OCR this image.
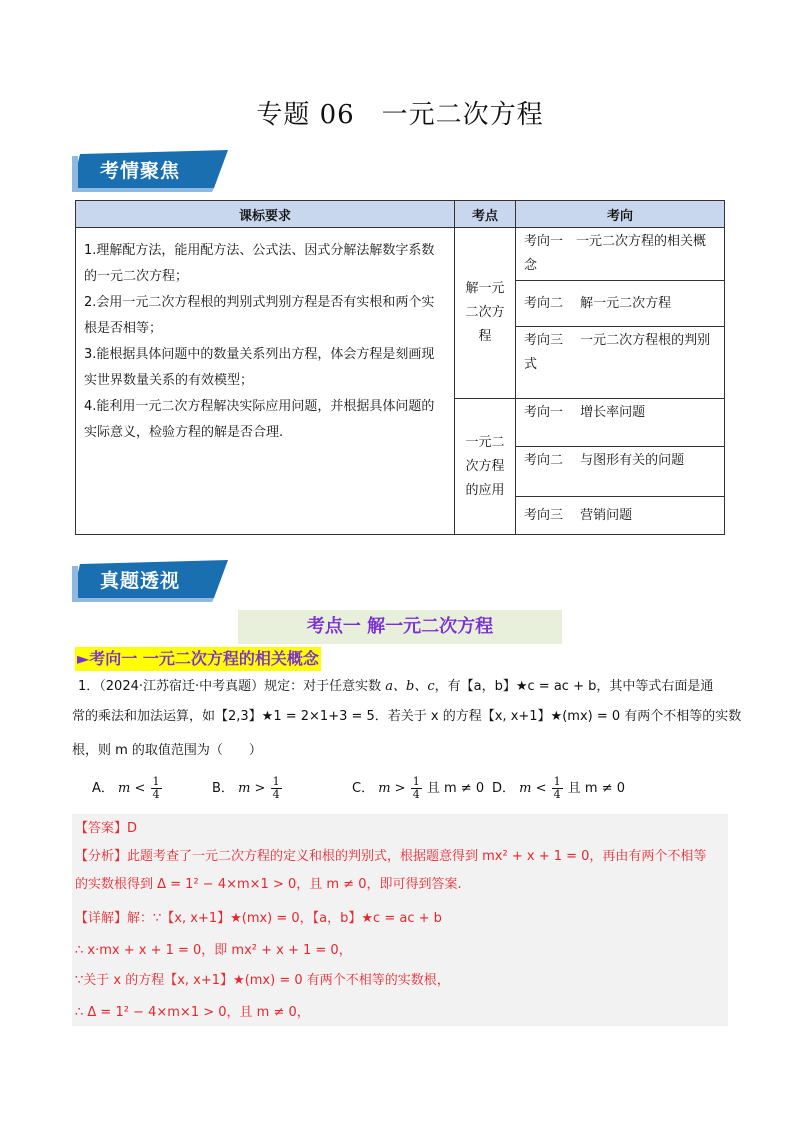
专题 06　一元二次方程
考情聚焦
课标要求	考点	考向

1.理解配方法，能用配方法、公式法、因式分解法解数字系数的一元二次方程；
2.会用一元二次方程根的判别式判别方程是否有实根和两个实根是否相等；
3.能根据具体问题中的数量关系列出方程，体会方程是刻画现实世界数量关系的有效模型；
4.能利用一元二次方程解决实际应用问题，并根据具体问题的实际意义，检验方程的解是否合理.	解一元二次方程	考向一　一元二次方程的相关概念
		考向二　 解一元二次方程
		考向三　 一元二次方程根的判别式

	一元二次方程的应用	考向一　 增长率问题
		考向二　 与图形有关的问题
		考向三　 营销问题
真题透视
考点一 解一元二次方程
►考向一 一元二次方程的相关概念
1．（2024·江苏宿迁·中考真题）规定：对于任意实数 a、b、c，有【a，b】★c = ac + b，其中等式右面是通
常的乘法和加法运算，如【2,3】★1 = 2×1+3 = 5．若关于 x 的方程【x, x+1】★(mx) = 0 有两个不相等的实数
根，则 m 的取值范围为（　　）
A． $m < \frac{1}{4}$	B． $m > \frac{1}{4}$	C． $m > \frac{1}{4}$ 且 m ≠ 0 D． $m < \frac{1}{4}$ 且 m ≠ 0
【答案】D
【分析】此题考查了一元二次方程的定义和根的判别式，根据题意得到 mx² + x + 1 = 0，再由有两个不相等
的实数根得到 Δ = 1² − 4×m×1 > 0，且 m ≠ 0，即可得到答案.
【详解】解：∵【x, x+1】★(mx) = 0，【a，b】★c = ac + b
∴ x·mx + x + 1 = 0，即 mx² + x + 1 = 0，
∵关于 x 的方程【x, x+1】★(mx) = 0 有两个不相等的实数根，
∴ Δ = 1² − 4×m×1 > 0，且 m ≠ 0，
